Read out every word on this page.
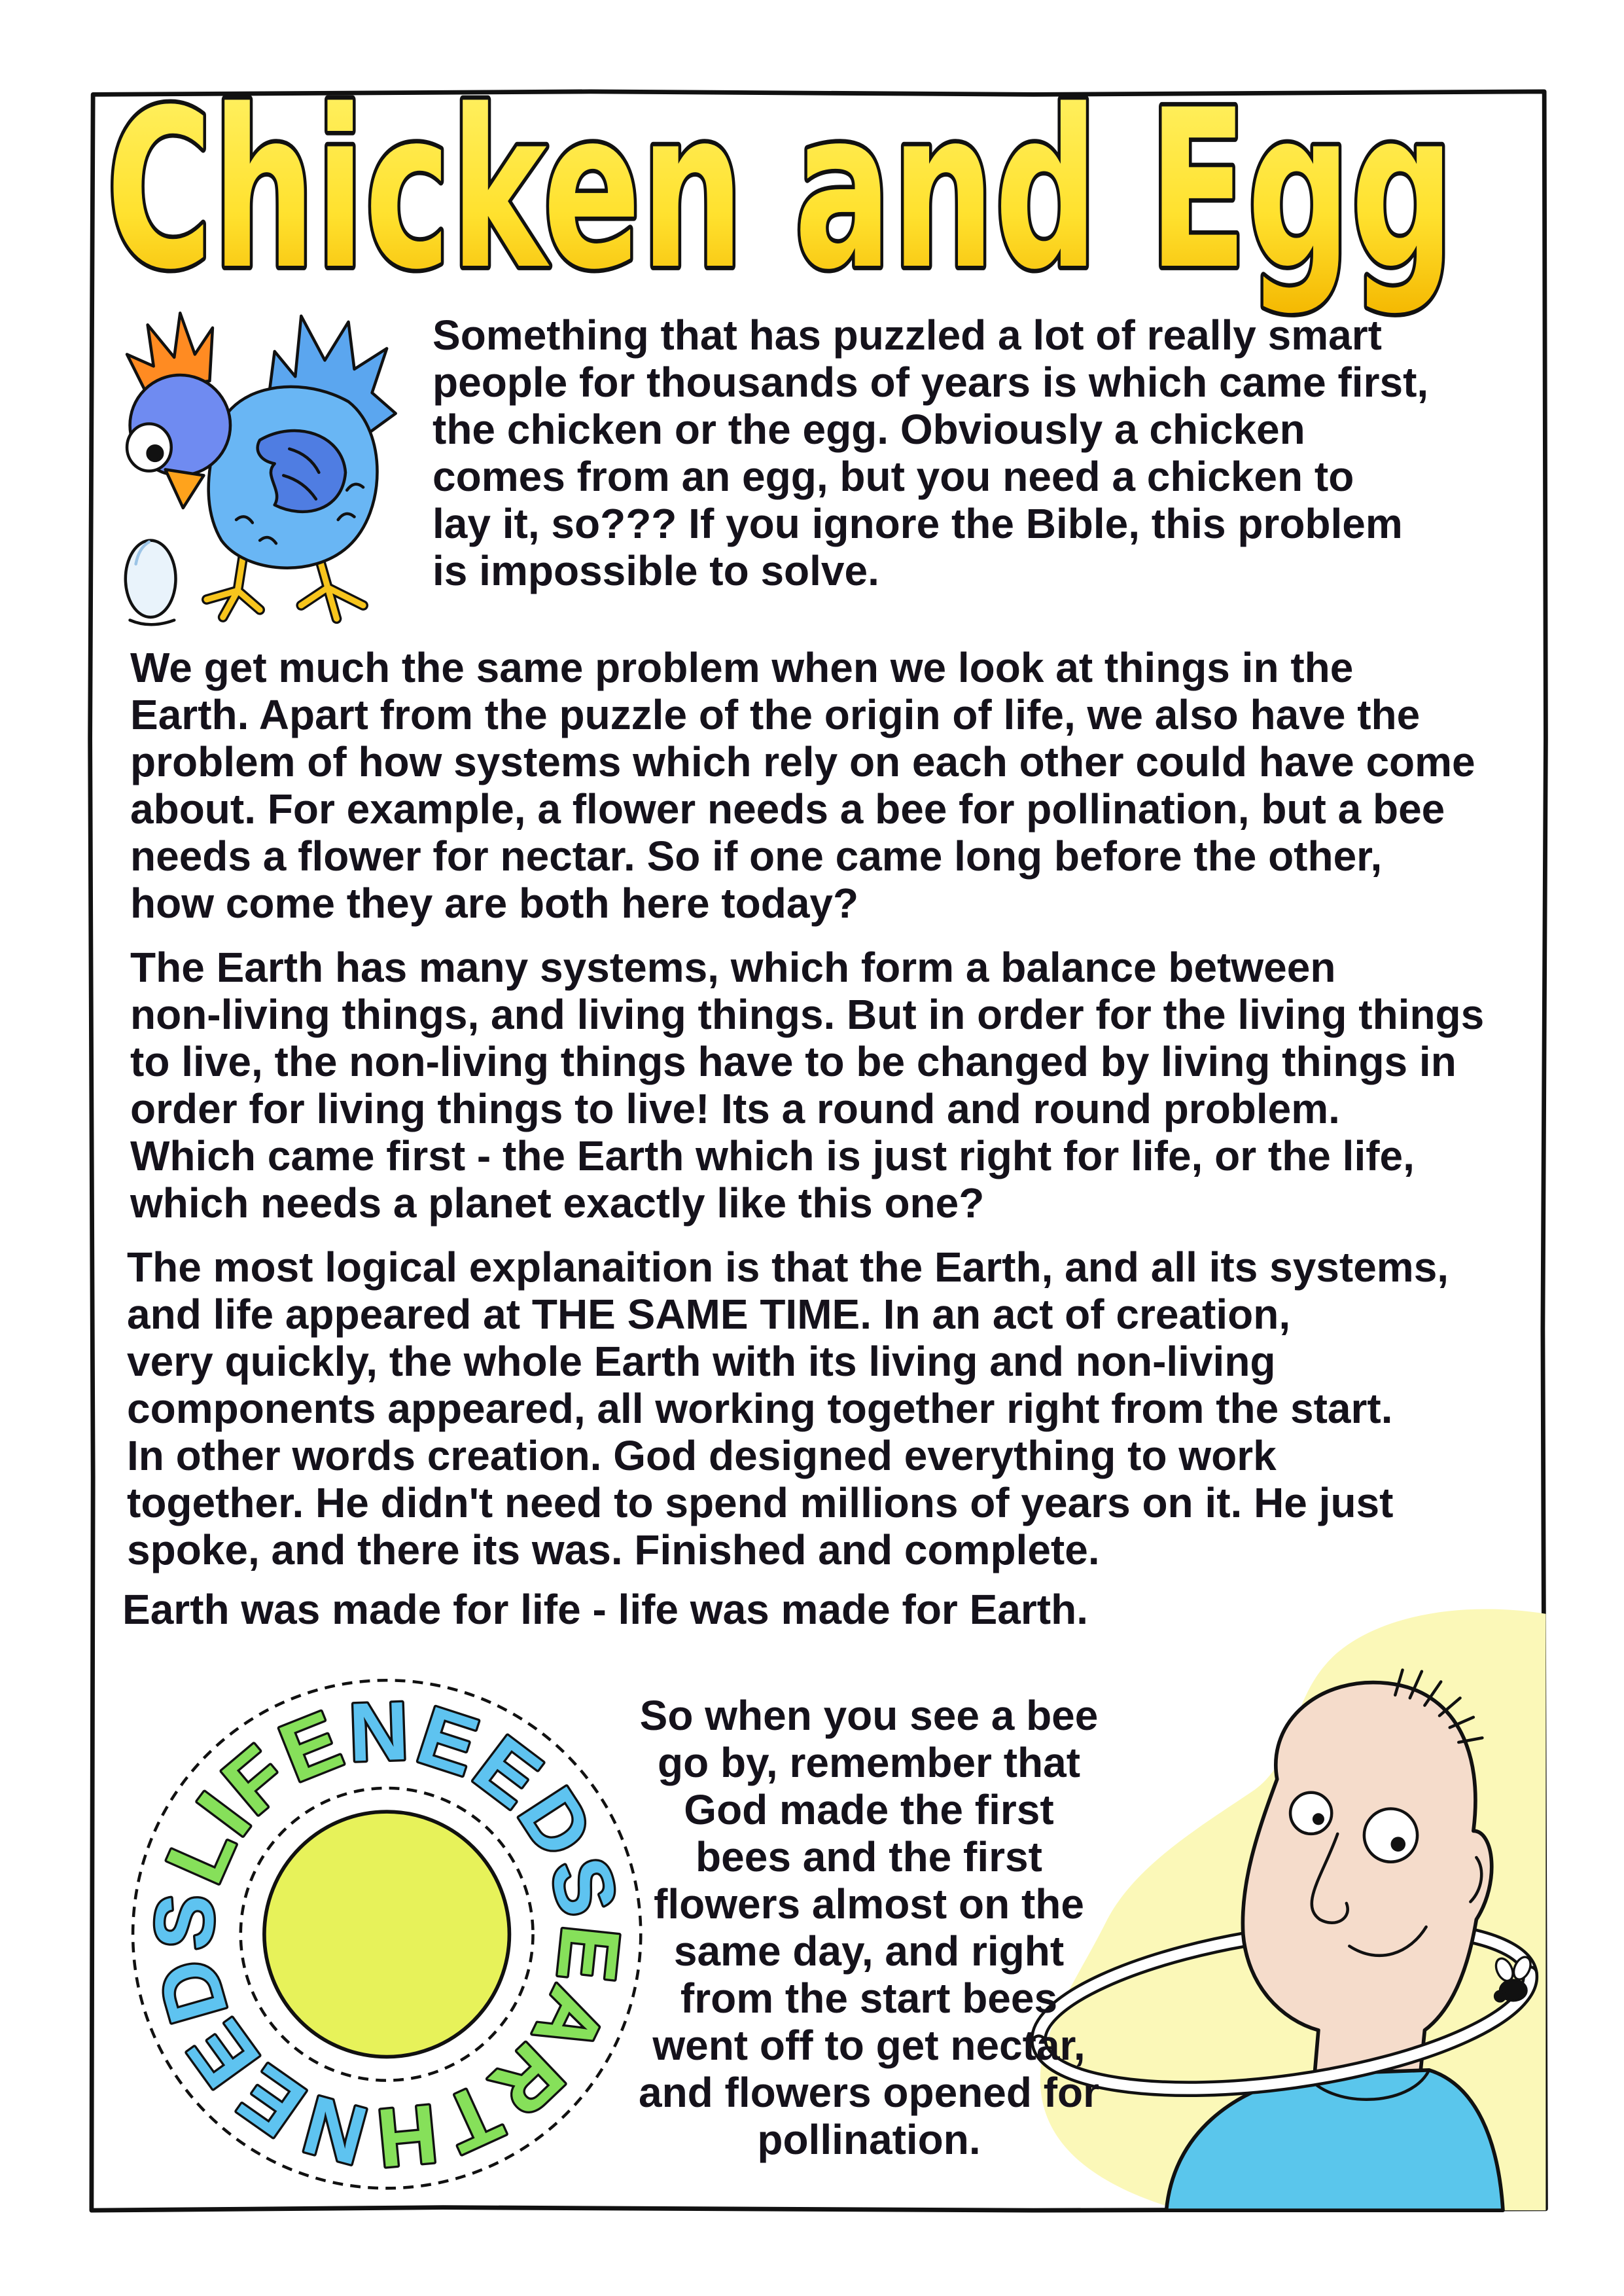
Chicken and Egg
LIFENEEDS EARTHNEEDS
Something that has puzzled a lot of really smart
people for thousands of years is which came first,
the chicken or the egg. Obviously a chicken
comes from an egg, but you need a chicken to
lay it, so??? If you ignore the Bible, this problem
is impossible to solve.
We get much the same problem when we look at things in the
Earth. Apart from the puzzle of the origin of life, we also have the
problem of how systems which rely on each other could have come
about. For example, a flower needs a bee for pollination, but a bee
needs a flower for nectar. So if one came long before the other,
how come they are both here today?
The Earth has many systems, which form a balance between
non-living things, and living things. But in order for the living things
to live, the non-living things have to be changed by living things in
order for living things to live! Its a round and round problem.
Which came first - the Earth which is just right for life, or the life,
which needs a planet exactly like this one?
The most logical explanaition is that the Earth, and all its systems,
and life appeared at THE SAME TIME. In an act of creation,
very quickly, the whole Earth with its living and non-living
components appeared, all working together right from the start.
In other words creation. God designed everything to work
together. He didn't need to spend millions of years on it. He just
spoke, and there its was. Finished and complete.
Earth was made for life - life was made for Earth.
So when you see a bee
go by, remember that
God made the first
bees and the first
flowers almost on the
same day, and right
from the start bees
went off to get nectar,
and flowers opened for
pollination.
